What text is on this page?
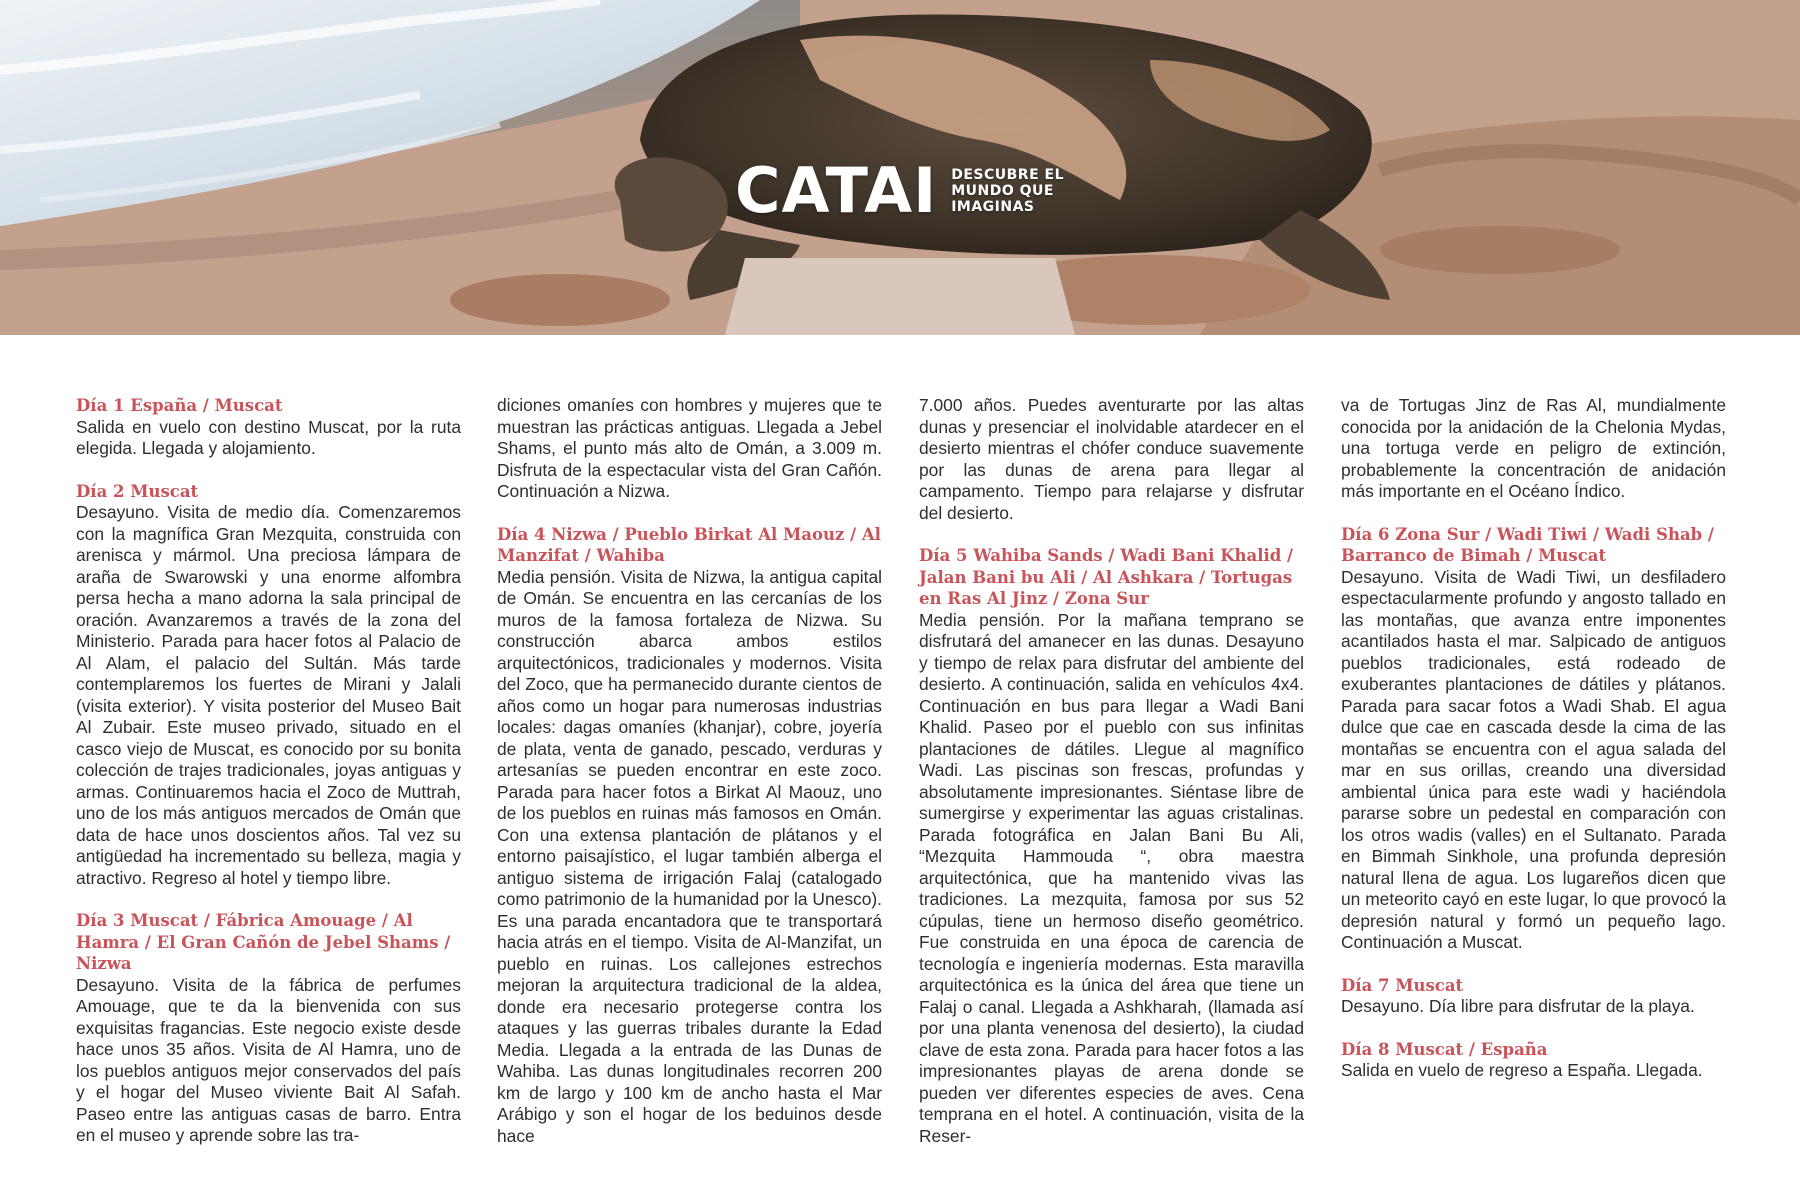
CATAI DESCUBRE EL
MUNDO QUE
IMAGINAS
Día 1 España / Muscat

Salida en vuelo con destino Muscat, por la ruta elegida. Llegada y alojamiento.

Día 2 Muscat

Desayuno. Visita de medio día. Comenzaremos con la magnífica Gran Mezquita, construida con arenisca y mármol. Una preciosa lámpara de araña de Swarowski y una enorme alfombra persa hecha a mano adorna la sala principal de oración. Avanzaremos a través de la zona del Ministerio. Parada para hacer fotos al Palacio de Al Alam, el palacio del Sultán. Más tarde contemplaremos los fuertes de Mirani y Jalali (visita exterior). Y visita posterior del Museo Bait Al Zubair. Este museo privado, situado en el casco viejo de Muscat, es conocido por su bonita colección de trajes tradicionales, joyas antiguas y armas. Continuaremos hacia el Zoco de Muttrah, uno de los más antiguos mercados de Omán que data de hace unos doscientos años. Tal vez su antigüedad ha incrementado su belleza, magia y atractivo. Regreso al hotel y tiempo libre.

Día 3 Muscat / Fábrica Amouage / Al Hamra / El Gran Cañón de Jebel Shams / Nizwa

Desayuno. Visita de la fábrica de perfumes Amouage, que te da la bienvenida con sus exquisitas fragancias. Este negocio existe desde hace unos 35 años. Visita de Al Hamra, uno de los pueblos antiguos mejor conservados del país y el hogar del Museo viviente Bait Al Safah. Paseo entre las antiguas casas de barro. Entra en el museo y aprende sobre las tra-

diciones omaníes con hombres y mujeres que te muestran las prácticas antiguas. Llegada a Jebel Shams, el punto más alto de Omán, a 3.009 m. Disfruta de la espectacular vista del Gran Cañón. Continuación a Nizwa.

Día 4 Nizwa / Pueblo Birkat Al Maouz / Al Manzifat / Wahiba

Media pensión. Visita de Nizwa, la antigua capital de Omán. Se encuentra en las cercanías de los muros de la famosa fortaleza de Nizwa. Su construcción abarca ambos estilos arquitectónicos, tradicionales y modernos. Visita del Zoco, que ha permanecido durante cientos de años como un hogar para numerosas industrias locales: dagas omaníes (khanjar), cobre, joyería de plata, venta de ganado, pescado, verduras y artesanías se pueden encontrar en este zoco. Parada para hacer fotos a Birkat Al Maouz, uno de los pueblos en ruinas más famosos en Omán. Con una extensa plantación de plátanos y el entorno paisajístico, el lugar también alberga el antiguo sistema de irrigación Falaj (catalogado como patrimonio de la humanidad por la Unesco). Es una parada encantadora que te transportará hacia atrás en el tiempo. Visita de Al-Manzifat, un pueblo en ruinas. Los callejones estrechos mejoran la arquitectura tradicional de la aldea, donde era necesario protegerse contra los ataques y las guerras tribales durante la Edad Media. Llegada a la entrada de las Dunas de Wahiba. Las dunas longitudinales recorren 200 km de largo y 100 km de ancho hasta el Mar Arábigo y son el hogar de los beduinos desde hace

7.000 años. Puedes aventurarte por las altas dunas y presenciar el inolvidable atardecer en el desierto mientras el chófer conduce suavemente por las dunas de arena para llegar al campamento. Tiempo para relajarse y disfrutar del desierto.

Día 5 Wahiba Sands / Wadi Bani Khalid / Jalan Bani bu Ali / Al Ashkara / Tortugas en Ras Al Jinz / Zona Sur

Media pensión. Por la mañana temprano se disfrutará del amanecer en las dunas. Desayuno y tiempo de relax para disfrutar del ambiente del desierto. A continuación, salida en vehículos 4x4. Continuación en bus para llegar a Wadi Bani Khalid. Paseo por el pueblo con sus infinitas plantaciones de dátiles. Llegue al magnífico Wadi. Las piscinas son frescas, profundas y absolutamente impresionantes. Siéntase libre de sumergirse y experimentar las aguas cristalinas. Parada fotográfica en Jalan Bani Bu Ali, “Mezquita Hammouda “, obra maestra arquitectónica, que ha mantenido vivas las tradiciones. La mezquita, famosa por sus 52 cúpulas, tiene un hermoso diseño geométrico. Fue construida en una época de carencia de tecnología e ingeniería modernas. Esta maravilla arquitectónica es la única del área que tiene un Falaj o canal. Llegada a Ashkharah, (llamada así por una planta venenosa del desierto), la ciudad clave de esta zona. Parada para hacer fotos a las impresionantes playas de arena donde se pueden ver diferentes especies de aves. Cena temprana en el hotel. A continuación, visita de la Reser-

va de Tortugas Jinz de Ras Al, mundialmente conocida por la anidación de la Chelonia Mydas, una tortuga verde en peligro de extinción, probablemente la concentración de anidación más importante en el Océano Índico.

Día 6 Zona Sur / Wadi Tiwi / Wadi Shab / Barranco de Bimah / Muscat

Desayuno. Visita de Wadi Tiwi, un desfiladero espectacularmente profundo y angosto tallado en las montañas, que avanza entre imponentes acantilados hasta el mar. Salpicado de antiguos pueblos tradicionales, está rodeado de exuberantes plantaciones de dátiles y plátanos. Parada para sacar fotos a Wadi Shab. El agua dulce que cae en cascada desde la cima de las montañas se encuentra con el agua salada del mar en sus orillas, creando una diversidad ambiental única para este wadi y haciéndola pararse sobre un pedestal en comparación con los otros wadis (valles) en el Sultanato. Parada en Bimmah Sinkhole, una profunda depresión natural llena de agua. Los lugareños dicen que un meteorito cayó en este lugar, lo que provocó la depresión natural y formó un pequeño lago. Continuación a Muscat.

Día 7 Muscat

Desayuno. Día libre para disfrutar de la playa.

Día 8 Muscat / España

Salida en vuelo de regreso a España. Llegada.
